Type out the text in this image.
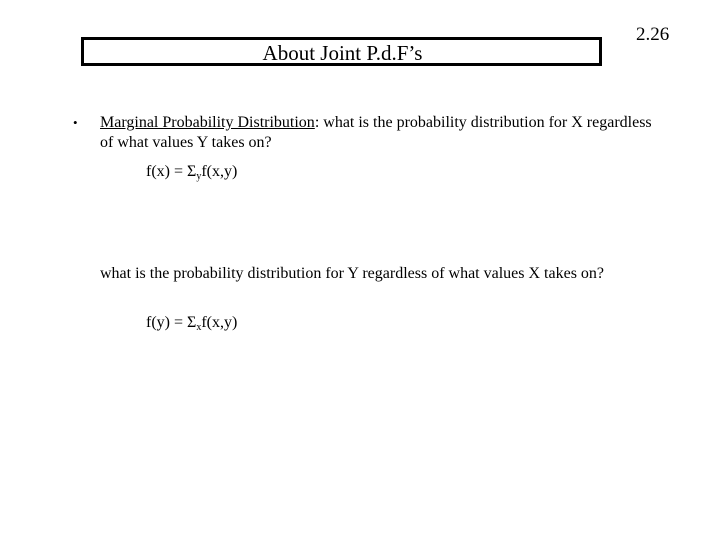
2.26
About Joint P.d.F’s
• Marginal Probability Distribution: what is the probability distribution for X regardless of what values Y takes on?
$f(x) = \Sigma_yf(x,y)$
what is the probability distribution for Y regardless of what values X takes on?
$f(y) = \Sigma_xf(x,y)$
